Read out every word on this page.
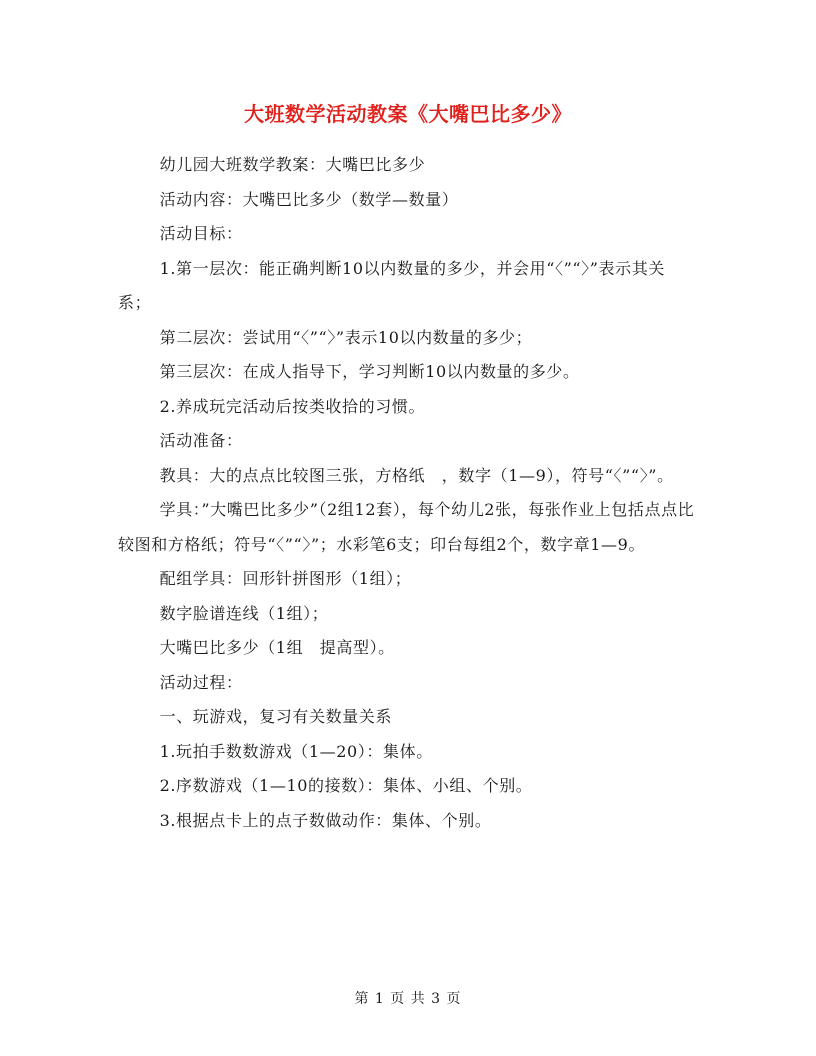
大班数学活动教案《大嘴巴比多少》

幼儿园大班数学教案：大嘴巴比多少

活动内容：大嘴巴比多少（数学—数量）

活动目标：

1.第一层次：能正确判断10以内数量的多少，并会用“〈”“〉”表示其关系；

第二层次：尝试用“〈”“〉”表示10以内数量的多少；

第三层次：在成人指导下，学习判断10以内数量的多少。

2.养成玩完活动后按类收拾的习惯。

活动准备：

教具：大的点点比较图三张，方格纸　，数字（1—9），符号“〈”“〉”。

学具：”大嘴巴比多少”（2组12套），每个幼儿2张，每张作业上包括点点比较图和方格纸；符号“〈”“〉”；水彩笔6支；印台每组2个，数字章1—9。

配组学具：回形针拼图形（1组）；

数字脸谱连线（1组）；

大嘴巴比多少（1组　提高型）。

活动过程：

一、玩游戏，复习有关数量关系

1.玩拍手数数游戏（1—20）：集体。

2.序数游戏（1—10的接数）：集体、小组、个别。

3.根据点卡上的点子数做动作：集体、个别。

第 1 页 共 3 页
